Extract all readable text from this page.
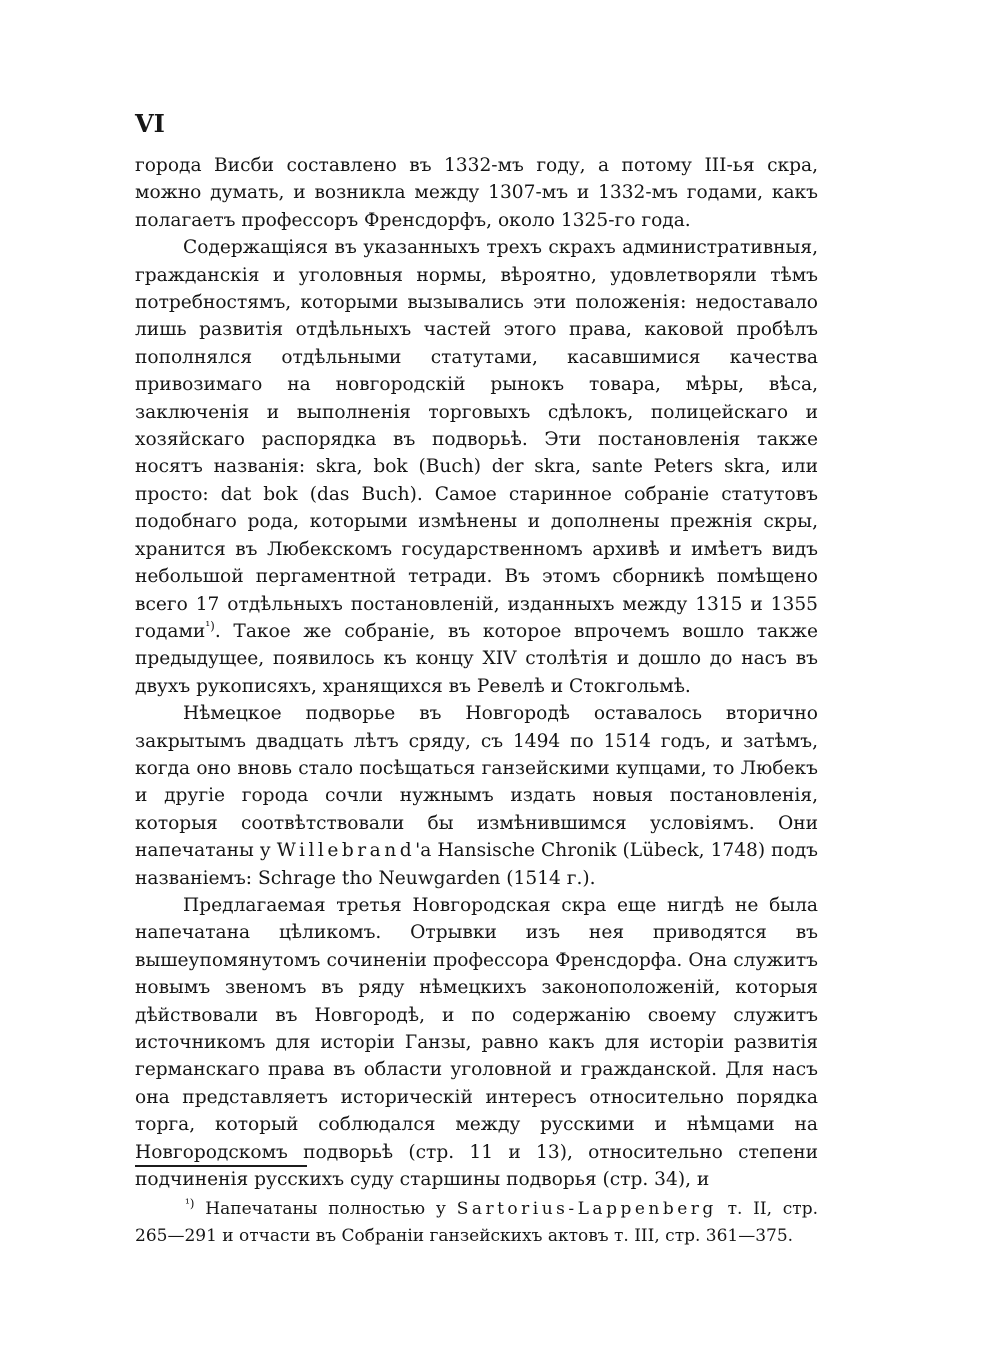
VI

города Висби составлено въ 1332-мъ году, а потому III-ья скра, можно думать, и возникла между 1307-мъ и 1332-мъ годами, какъ полагаетъ профессоръ Френсдорфъ, около 1325-го года.

Содержащіяся въ указанныхъ трехъ скрахъ административныя, гражданскія и уголовныя нормы, вѣроятно, удовлетворяли тѣмъ потребностямъ, которыми вызывались эти положенія: недоставало лишь развитія отдѣльныхъ частей этого права, каковой пробѣлъ пополнялся отдѣльными статутами, касавшимися качества привозимаго на новгородскій рынокъ товара, мѣры, вѣса, заключенія и выполненія торговыхъ сдѣлокъ, полицейскаго и хозяйскаго распорядка въ подворьѣ. Эти постановленія также носятъ названія: skra, bok (Buch) der skra, sante Peters skra, или просто: dat bok (das Buch). Самое старинное собраніе статутовъ подобнаго рода, которыми измѣнены и дополнены прежнія скры, хранится въ Любекскомъ государственномъ архивѣ и имѣетъ видъ небольшой пергаментной тетради. Въ этомъ сборникѣ помѣщено всего 17 отдѣльныхъ постановленій, изданныхъ между 1315 и 1355 годами$^{^1)}$. Такое же собраніе, въ которое впрочемъ вошло также предыдущее, появилось къ концу XIV столѣтія и дошло до насъ въ двухъ рукописяхъ, хранящихся въ Ревелѣ и Стокгольмѣ.

Нѣмецкое подворье въ Новгородѣ оставалось вторично закрытымъ двадцать лѣтъ сряду, съ 1494 по 1514 годъ, и затѣмъ, когда оно вновь стало посѣщаться ганзейскими купцами, то Любекъ и другіе города сочли нужнымъ издать новыя постановленія, которыя соотвѣтствовали бы измѣнившимся условіямъ. Они напечатаны у Willebrand'a Hansische Chronik (Lübeck, 1748) подъ названіемъ: Schrage tho Neuwgarden (1514 г.).

Предлагаемая третья Новгородская скра еще нигдѣ не была напечатана цѣликомъ. Отрывки изъ нея приводятся въ вышеупомянутомъ сочиненіи профессора Френсдорфа. Она служитъ новымъ звеномъ въ ряду нѣмецкихъ законоположеній, которыя дѣйствовали въ Новгородѣ, и по содержанію своему служитъ источникомъ для исторіи Ганзы, равно какъ для исторіи развитія германскаго права въ области уголовной и гражданской. Для насъ она представляетъ историческій интересъ относительно порядка торга, который соблюдался между русскими и нѣмцами на Новгородскомъ подворьѣ (стр. 11 и 13), относительно степени подчиненія русскихъ суду старшины подворья (стр. 34), и

$^{^1)}$ Напечатаны полностью у Sartorius-Lappenberg т. II, стр. 265—291 и отчасти въ Собраніи ганзейскихъ актовъ т. III, стр. 361—375.
